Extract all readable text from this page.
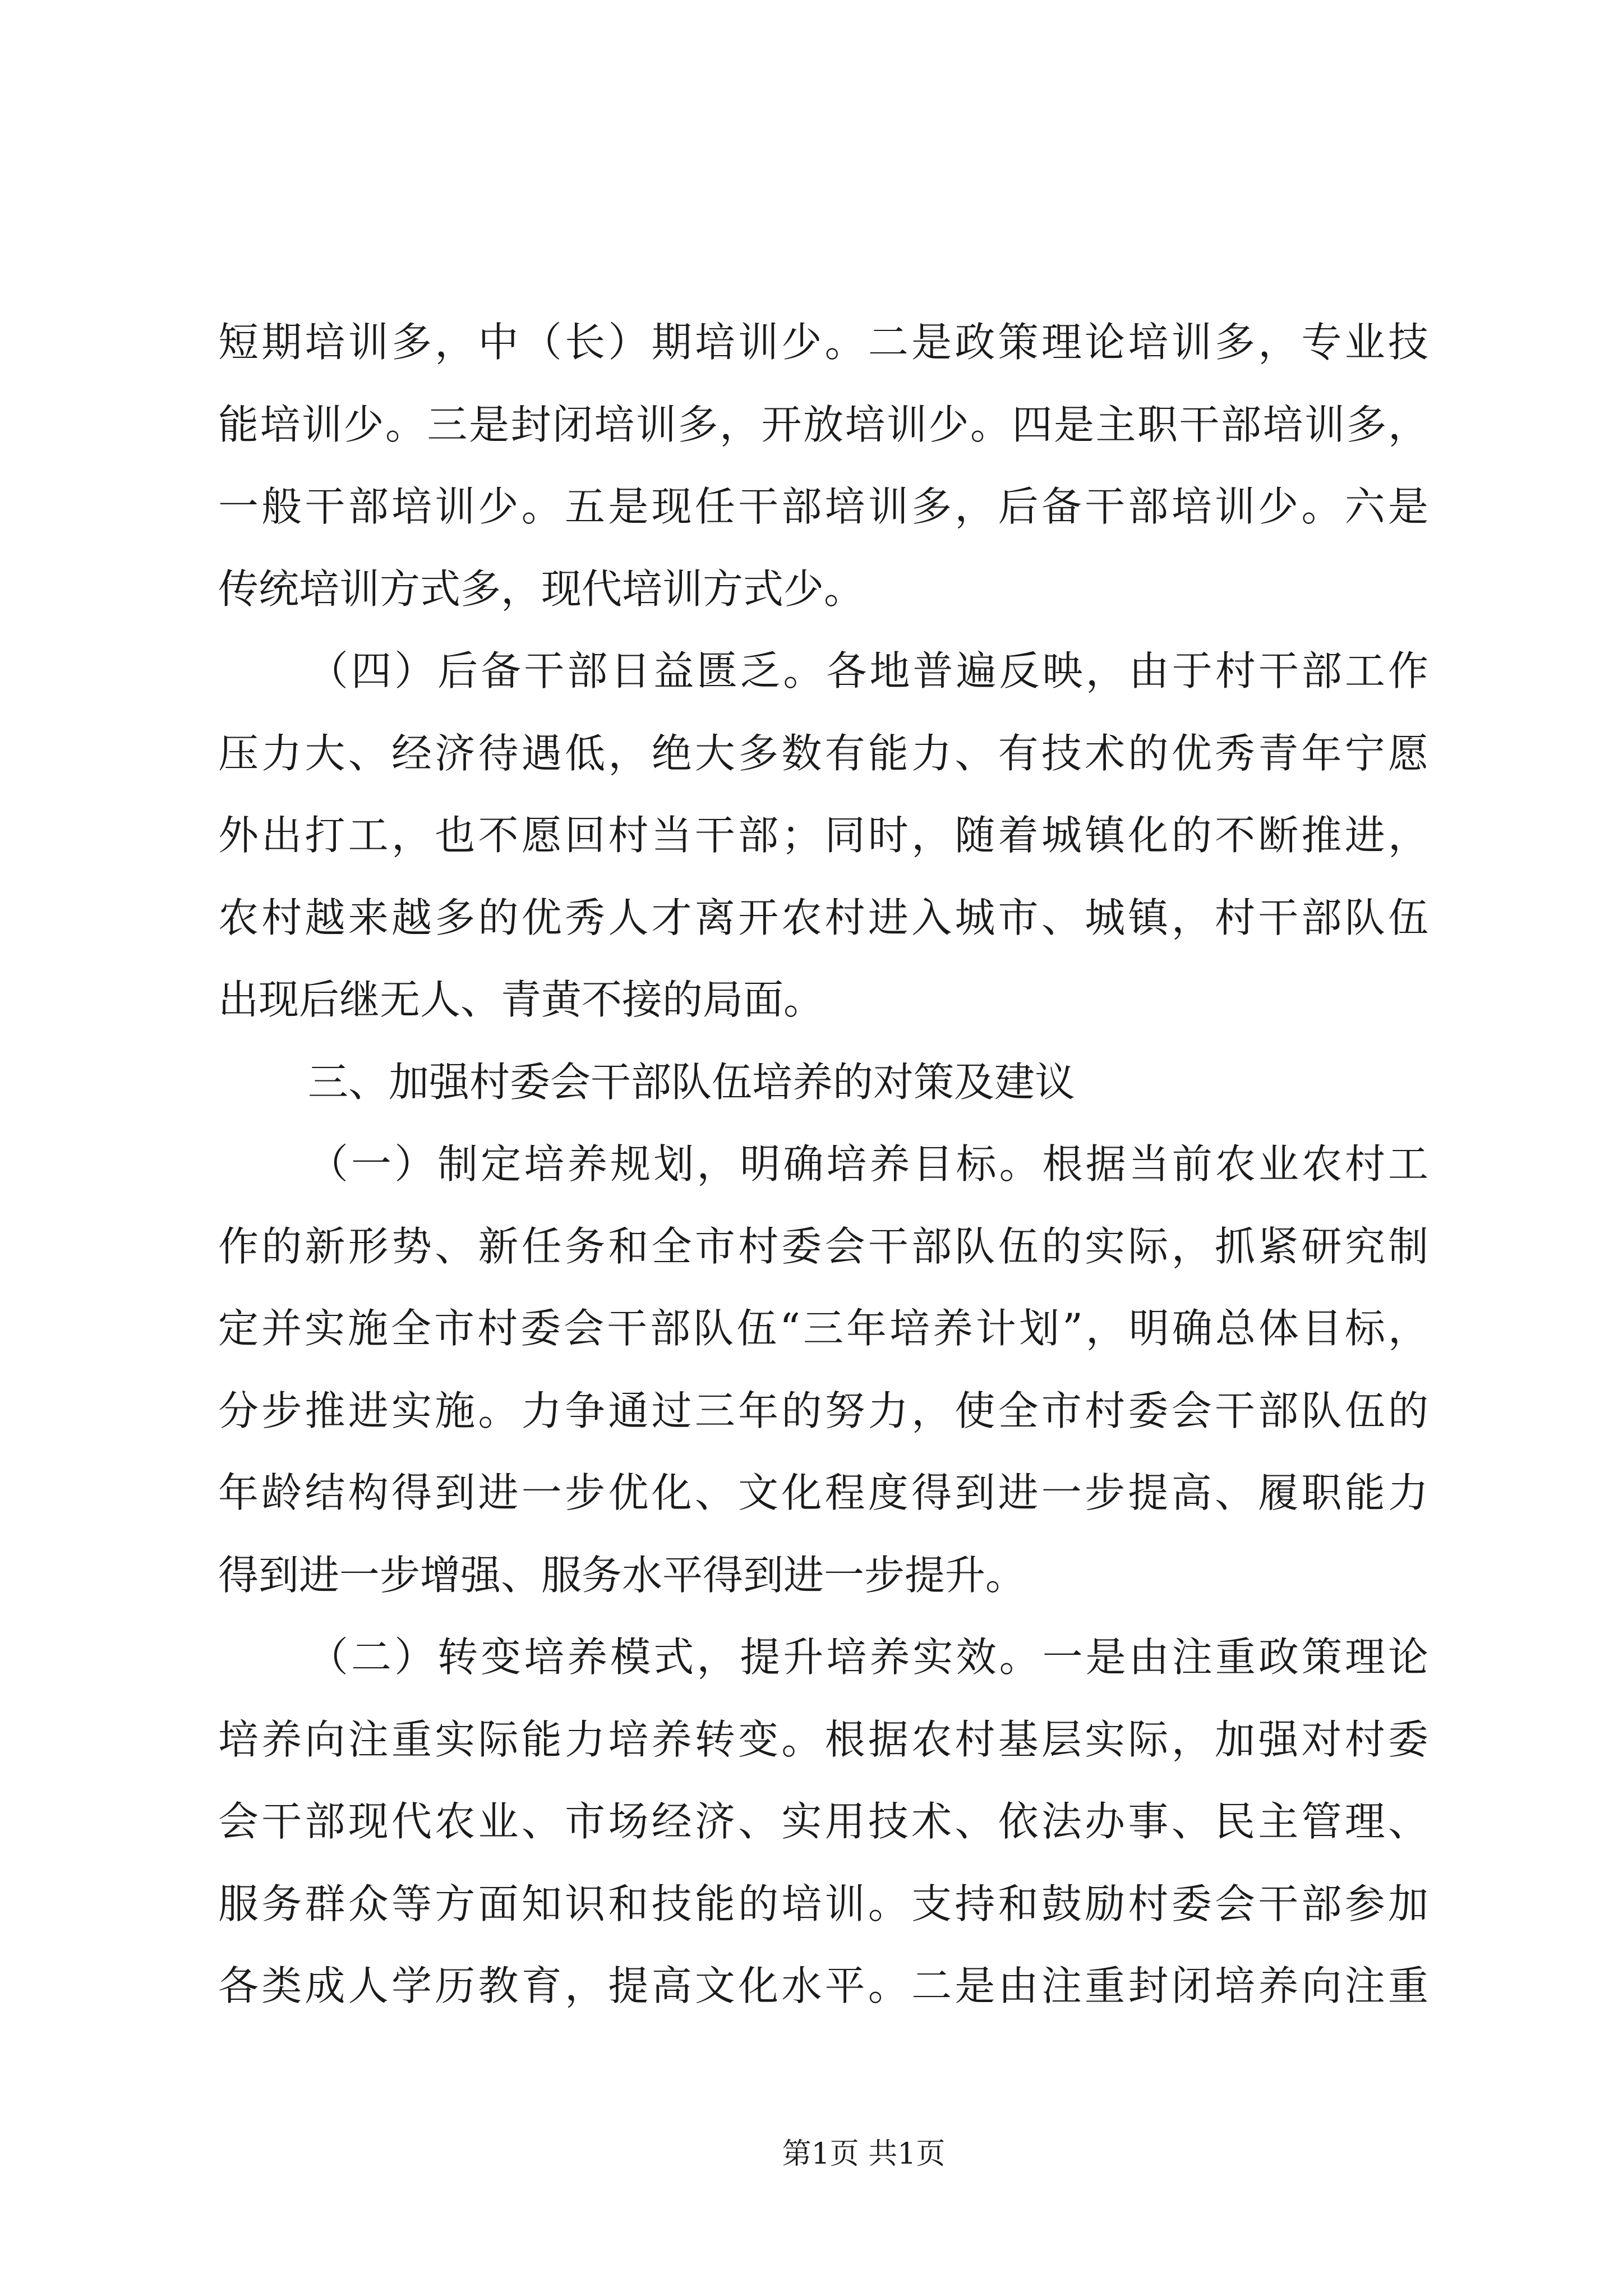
短期培训多，中（长）期培训少。二是政策理论培训多，专业技
能培训少。三是封闭培训多，开放培训少。四是主职干部培训多，
一般干部培训少。五是现任干部培训多，后备干部培训少。六是
传统培训方式多，现代培训方式少。
（四）后备干部日益匮乏。各地普遍反映，由于村干部工作
压力大、经济待遇低，绝大多数有能力、有技术的优秀青年宁愿
外出打工，也不愿回村当干部；同时，随着城镇化的不断推进，
农村越来越多的优秀人才离开农村进入城市、城镇，村干部队伍
出现后继无人、青黄不接的局面。
三、加强村委会干部队伍培养的对策及建议
（一）制定培养规划，明确培养目标。根据当前农业农村工
作的新形势、新任务和全市村委会干部队伍的实际，抓紧研究制
定并实施全市村委会干部队伍“三年培养计划”，明确总体目标，
分步推进实施。力争通过三年的努力，使全市村委会干部队伍的
年龄结构得到进一步优化、文化程度得到进一步提高、履职能力
得到进一步增强、服务水平得到进一步提升。
（二）转变培养模式，提升培养实效。一是由注重政策理论
培养向注重实际能力培养转变。根据农村基层实际，加强对村委
会干部现代农业、市场经济、实用技术、依法办事、民主管理、
服务群众等方面知识和技能的培训。支持和鼓励村委会干部参加
各类成人学历教育，提高文化水平。二是由注重封闭培养向注重
第1页 共1页
